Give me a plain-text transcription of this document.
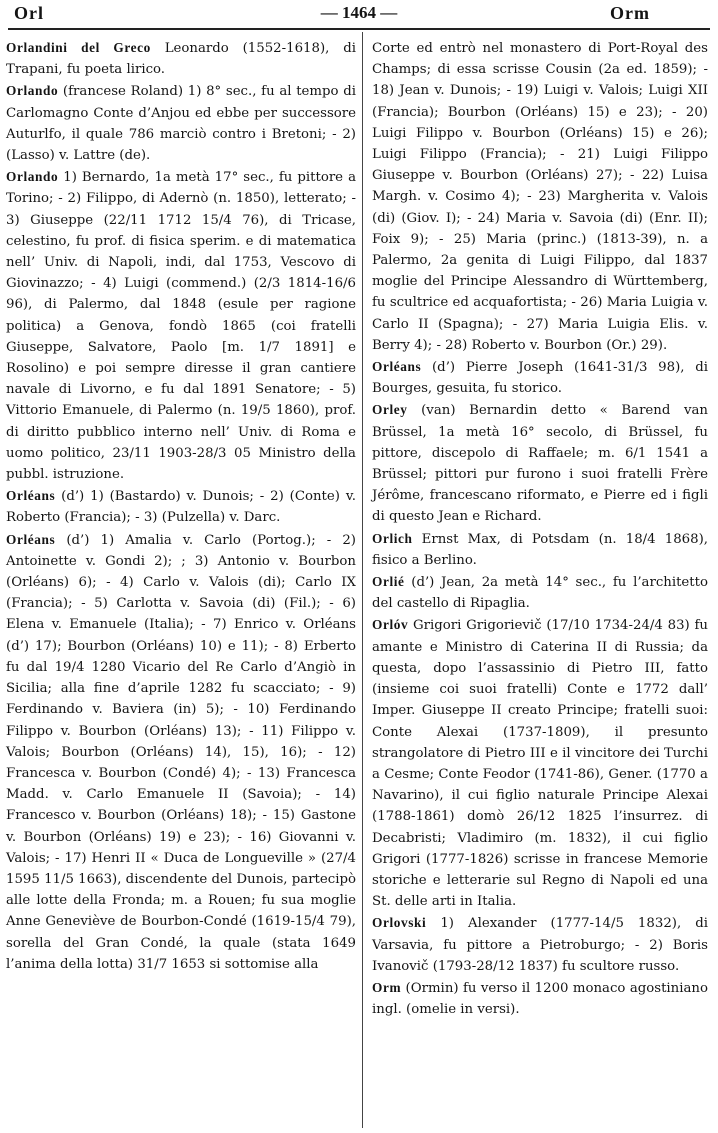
Orl	— 1464 —	Orm

Orlandini del Greco Leonardo (1552-1618), di Trapani, fu poeta lirico.

Orlando (francese Roland) 1) 8° sec., fu al tempo di Carlomagno Conte d’Anjou ed ebbe per successore Auturlfo, il quale 786 marciò contro i Bretoni; - 2) (Lasso) v. Lattre (de).

Orlando 1) Bernardo, 1a metà 17° sec., fu pittore a Torino; - 2) Filippo, di Adernò (n. 1850), letterato; - 3) Giuseppe (22/11 1712 15/4 76), di Tricase, celestino, fu prof. di fisica sperim. e di matematica nell’ Univ. di Napoli, indi, dal 1753, Vescovo di Giovinazzo; - 4) Luigi (commend.) (2/3 1814-16/6 96), di Palermo, dal 1848 (esule per ragione politica) a Genova, fondò 1865 (coi fratelli Giuseppe, Salvatore, Paolo [m. 1/7 1891] e Rosolino) e poi sempre diresse il gran cantiere navale di Livorno, e fu dal 1891 Senatore; - 5) Vittorio Emanuele, di Palermo (n. 19/5 1860), prof. di diritto pubblico interno nell’ Univ. di Roma e uomo politico, 23/11 1903-28/3 05 Ministro della pubbl. istruzione.

Orléans (d’) 1) (Bastardo) v. Dunois; - 2) (Conte) v. Roberto (Francia); - 3) (Pulzella) v. Darc.

Orléans (d’) 1) Amalia v. Carlo (Portog.); - 2) Antoinette v. Gondi 2); ; 3) Antonio v. Bourbon (Orléans) 6); - 4) Carlo v. Valois (di); Carlo IX (Francia); - 5) Carlotta v. Savoia (di) (Fil.); - 6) Elena v. Emanuele (Italia); - 7) Enrico v. Orléans (d’) 17); Bourbon (Orléans) 10) e 11); - 8) Erberto fu dal 19/4 1280 Vicario del Re Carlo d’Angiò in Sicilia; alla fine d’aprile 1282 fu scacciato; - 9) Ferdinando v. Baviera (in) 5); - 10) Ferdinando Filippo v. Bourbon (Orléans) 13); - 11) Filippo v. Valois; Bourbon (Orléans) 14), 15), 16); - 12) Francesca v. Bourbon (Condé) 4); - 13) Francesca Madd. v. Carlo Emanuele II (Savoia); - 14) Francesco v. Bourbon (Orléans) 18); - 15) Gastone v. Bourbon (Orléans) 19) e 23); - 16) Giovanni v. Valois; - 17) Henri II « Duca de Longueville » (27/4 1595 11/5 1663), discendente del Dunois, partecipò alle lotte della Fronda; m. a Rouen; fu sua moglie Anne Geneviève de Bourbon-Condé (1619-15/4 79), sorella del Gran Condé, la quale (stata 1649 l’anima della lotta) 31/7 1653 si sottomise alla

Corte ed entrò nel monastero di Port-Royal des Champs; di essa scrisse Cousin (2a ed. 1859); - 18) Jean v. Dunois; - 19) Luigi v. Valois; Luigi XII (Francia); Bourbon (Orléans) 15) e 23); - 20) Luigi Filippo v. Bourbon (Orléans) 15) e 26); Luigi Filippo (Francia); - 21) Luigi Filippo Giuseppe v. Bourbon (Orléans) 27); - 22) Luisa Margh. v. Cosimo 4); - 23) Margherita v. Valois (di) (Giov. I); - 24) Maria v. Savoia (di) (Enr. II); Foix 9); - 25) Maria (princ.) (1813-39), n. a Palermo, 2a genita di Luigi Filippo, dal 1837 moglie del Principe Alessandro di Württemberg, fu scultrice ed acquafortista; - 26) Maria Luigia v. Carlo II (Spagna); - 27) Maria Luigia Elis. v. Berry 4); - 28) Roberto v. Bourbon (Or.) 29).

Orléans (d’) Pierre Joseph (1641-31/3 98), di Bourges, gesuita, fu storico.

Orley (van) Bernardin detto « Barend van Brüssel, 1a metà 16° secolo, di Brüssel, fu pittore, discepolo di Raffaele; m. 6/1 1541 a Brüssel; pittori pur furono i suoi fratelli Frère Jérôme, francescano riformato, e Pierre ed i figli di questo Jean e Richard.

Orlich Ernst Max, di Potsdam (n. 18/4 1868), fisico a Berlino.

Orlié (d’) Jean, 2a metà 14° sec., fu l’architetto del castello di Ripaglia.

Orlóv Grigori Grigorievič (17/10 1734-24/4 83) fu amante e Ministro di Caterina II di Russia; da questa, dopo l’assassinio di Pietro III, fatto (insieme coi suoi fratelli) Conte e 1772 dall’ Imper. Giuseppe II creato Principe; fratelli suoi: Conte Alexai (1737-1809), il presunto strangolatore di Pietro III e il vincitore dei Turchi a Cesme; Conte Feodor (1741-86), Gener. (1770 a Navarino), il cui figlio naturale Principe Alexai (1788-1861) domò 26/12 1825 l’insurrez. di Decabristi; Vladimiro (m. 1832), il cui figlio Grigori (1777-1826) scrisse in francese Memorie storiche e letterarie sul Regno di Napoli ed una St. delle arti in Italia.

Orlovski 1) Alexander (1777-14/5 1832), di Varsavia, fu pittore a Pietroburgo; - 2) Boris Ivanovič (1793-28/12 1837) fu scultore russo.

Orm (Ormin) fu verso il 1200 monaco agostiniano ingl. (omelie in versi).
